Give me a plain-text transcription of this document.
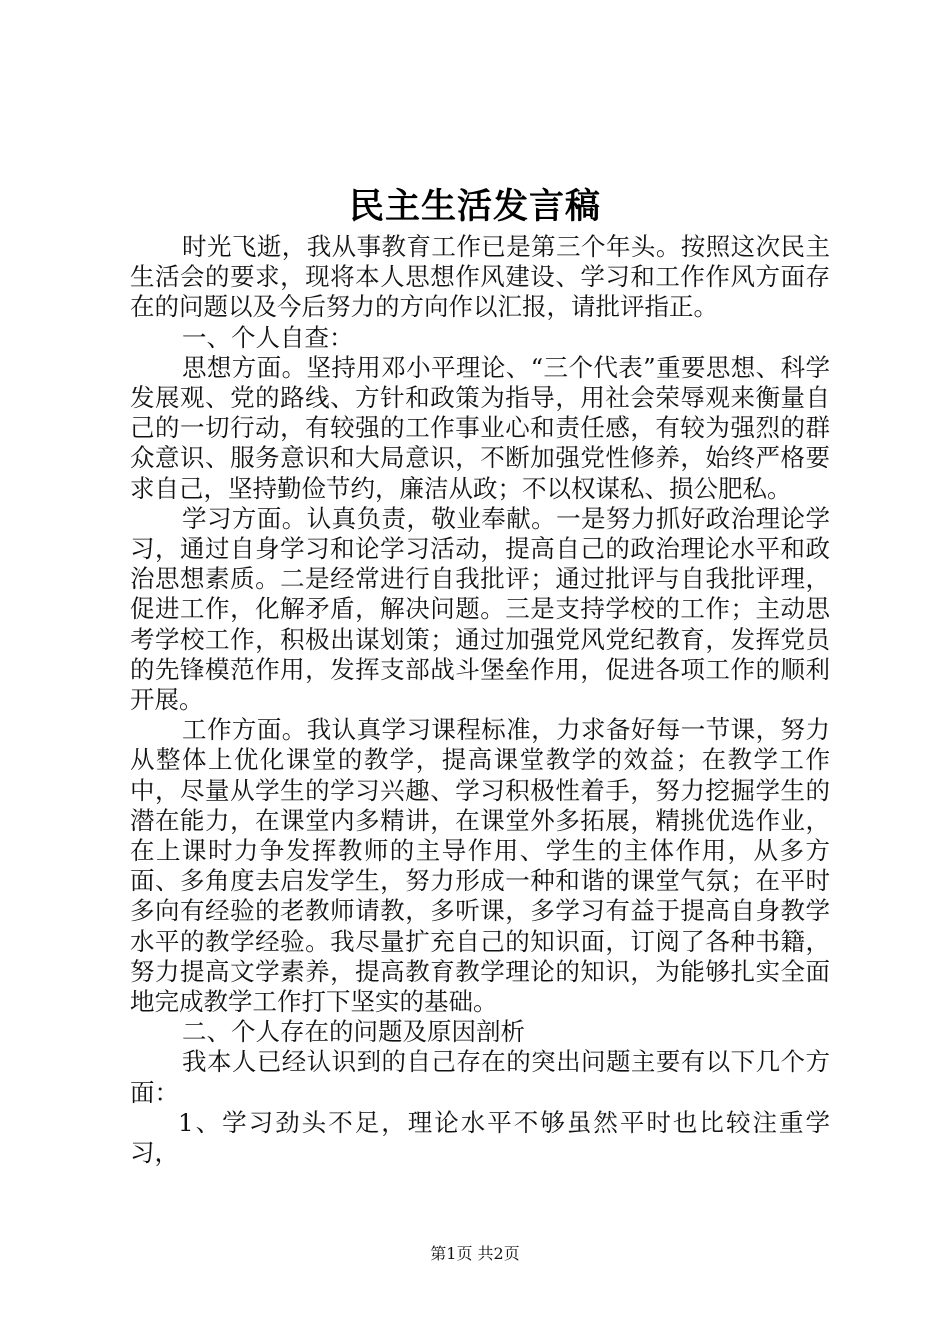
民主生活发言稿

时光飞逝，我从事教育工作已是第三个年头。按照这次民主生活会的要求，现将本人思想作风建设、学习和工作作风方面存在的问题以及今后努力的方向作以汇报，请批评指正。

一、个人自查：

思想方面。坚持用邓小平理论、“三个代表”重要思想、科学发展观、党的路线、方针和政策为指导，用社会荣辱观来衡量自己的一切行动，有较强的工作事业心和责任感，有较为强烈的群众意识、服务意识和大局意识，不断加强党性修养，始终严格要求自己，坚持勤俭节约，廉洁从政；不以权谋私、损公肥私。

学习方面。认真负责，敬业奉献。一是努力抓好政治理论学习，通过自身学习和论学习活动，提高自己的政治理论水平和政治思想素质。二是经常进行自我批评；通过批评与自我批评理，促进工作，化解矛盾，解决问题。三是支持学校的工作；主动思考学校工作，积极出谋划策；通过加强党风党纪教育，发挥党员的先锋模范作用，发挥支部战斗堡垒作用，促进各项工作的顺利开展。

工作方面。我认真学习课程标准，力求备好每一节课，努力从整体上优化课堂的教学，提高课堂教学的效益；在教学工作中，尽量从学生的学习兴趣、学习积极性着手，努力挖掘学生的潜在能力，在课堂内多精讲，在课堂外多拓展，精挑优选作业，在上课时力争发挥教师的主导作用、学生的主体作用，从多方面、多角度去启发学生，努力形成一种和谐的课堂气氛；在平时多向有经验的老教师请教，多听课，多学习有益于提高自身教学水平的教学经验。我尽量扩充自己的知识面，订阅了各种书籍，努力提高文学素养，提高教育教学理论的知识，为能够扎实全面地完成教学工作打下坚实的基础。

二、个人存在的问题及原因剖析

我本人已经认识到的自己存在的突出问题主要有以下几个方面：

1、学习劲头不足，理论水平不够虽然平时也比较注重学习，

第1页 共2页
